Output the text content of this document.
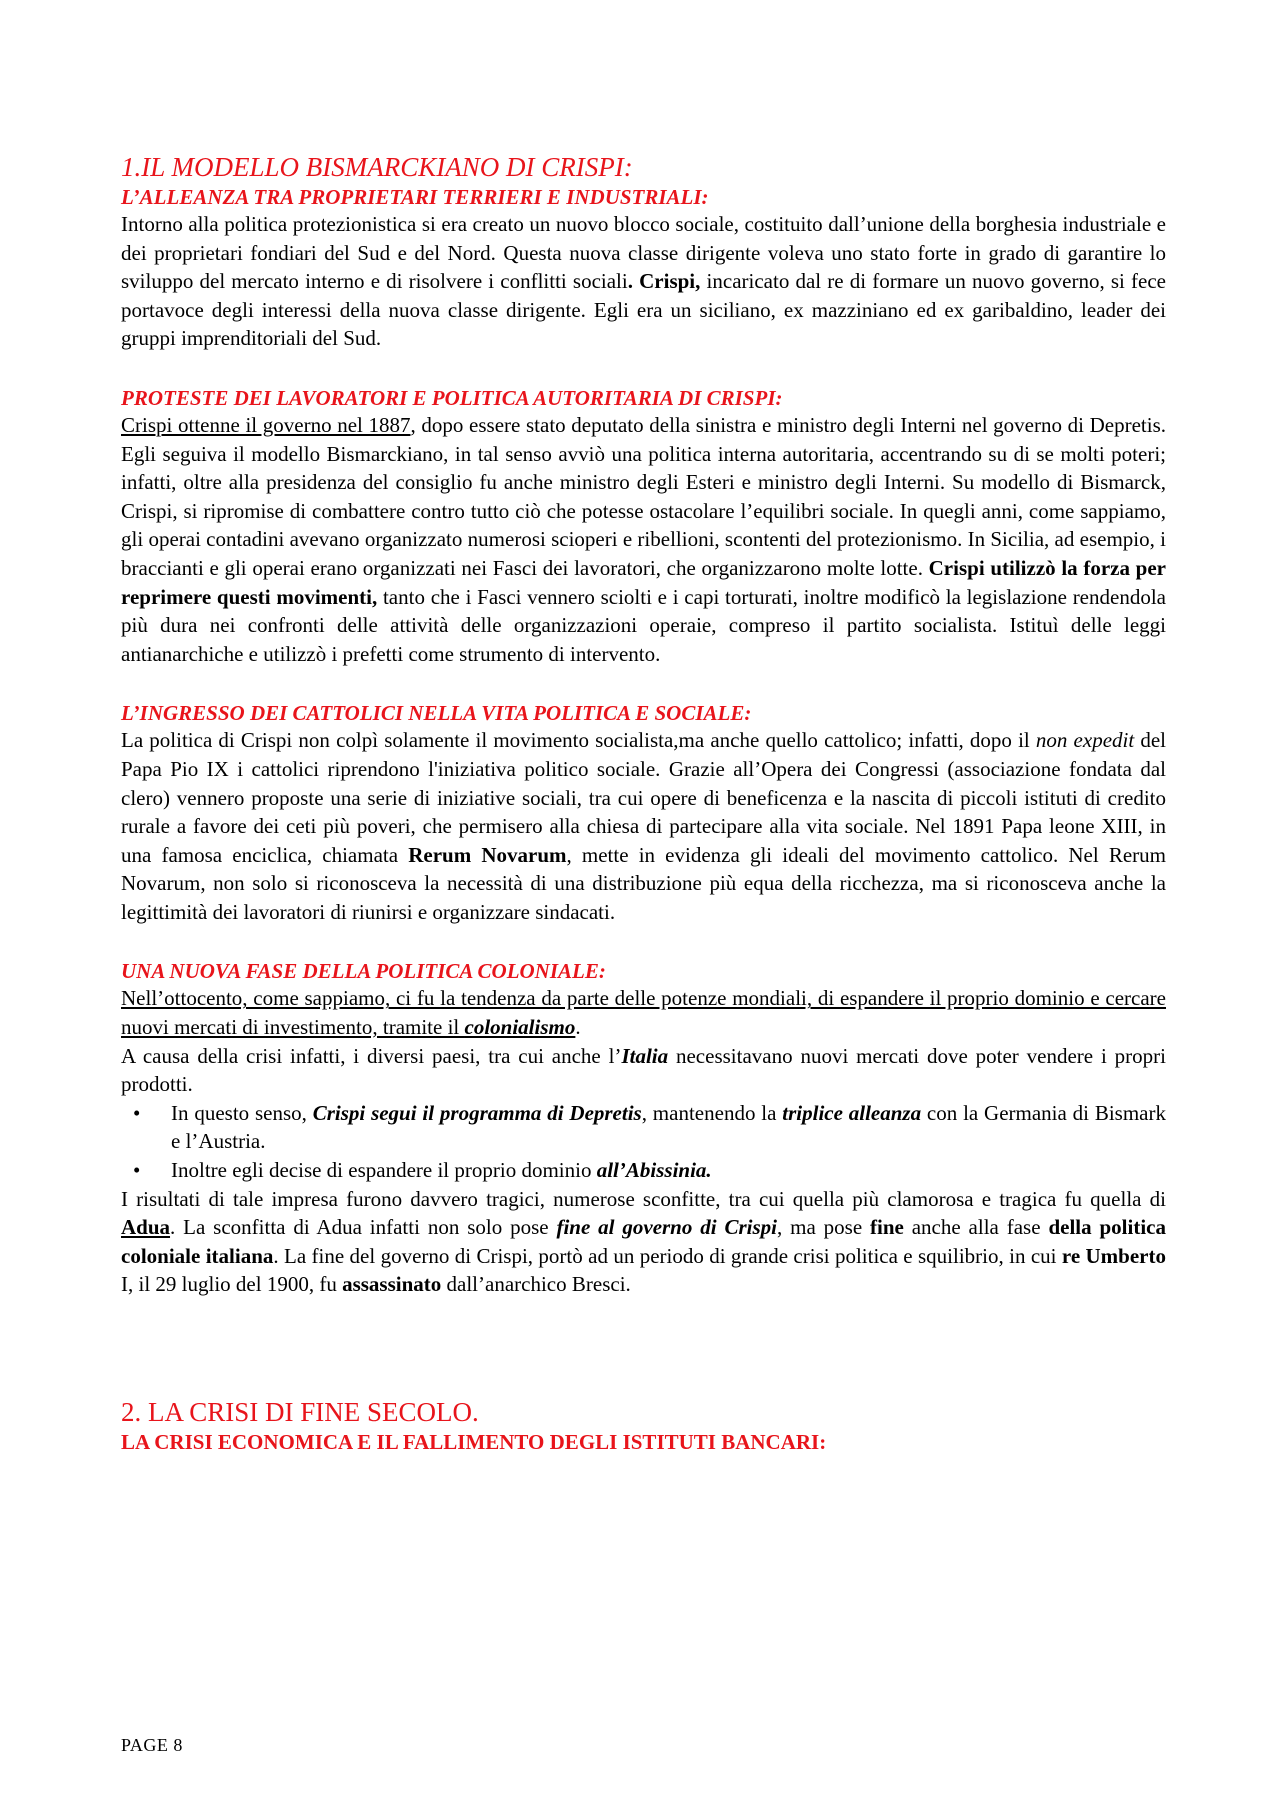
1.IL MODELLO BISMARCKIANO DI CRISPI:
L’ALLEANZA TRA PROPRIETARI TERRIERI E INDUSTRIALI:

Intorno alla politica protezionistica si era creato un nuovo blocco sociale, costituito dall’unione della borghesia industriale e dei proprietari fondiari del Sud e del Nord. Questa nuova classe dirigente voleva uno stato forte in grado di garantire lo sviluppo del mercato interno e di risolvere i conflitti sociali. Crispi, incaricato dal re di formare un nuovo governo, si fece portavoce degli interessi della nuova classe dirigente. Egli era un siciliano, ex mazziniano ed ex garibaldino, leader dei gruppi imprenditoriali del Sud.

PROTESTE DEI LAVORATORI E POLITICA AUTORITARIA DI CRISPI:

Crispi ottenne il governo nel 1887, dopo essere stato deputato della sinistra e ministro degli Interni nel governo di Depretis. Egli seguiva il modello Bismarckiano, in tal senso avviò una politica interna autoritaria, accentrando su di se molti poteri; infatti, oltre alla presidenza del consiglio fu anche ministro degli Esteri e ministro degli Interni. Su modello di Bismarck, Crispi, si ripromise di combattere contro tutto ciò che potesse ostacolare l’equilibri sociale. In quegli anni, come sappiamo, gli operai contadini avevano organizzato numerosi scioperi e ribellioni, scontenti del protezionismo. In Sicilia, ad esempio, i braccianti e gli operai erano organizzati nei Fasci dei lavoratori, che organizzarono molte lotte. Crispi utilizzò la forza per reprimere questi movimenti, tanto che i Fasci vennero sciolti e i capi torturati, inoltre modificò la legislazione rendendola più dura nei confronti delle attività delle organizzazioni operaie, compreso il partito socialista. Istituì delle leggi antianarchiche e utilizzò i prefetti come strumento di intervento.

L’INGRESSO DEI CATTOLICI NELLA VITA POLITICA E SOCIALE:

La politica di Crispi non colpì solamente il movimento socialista,ma anche quello cattolico; infatti, dopo il non expedit del Papa Pio IX i cattolici riprendono l'iniziativa politico sociale. Grazie all’Opera dei Congressi (associazione fondata dal clero) vennero proposte una serie di iniziative sociali, tra cui opere di beneficenza e la nascita di piccoli istituti di credito rurale a favore dei ceti più poveri, che permisero alla chiesa di partecipare alla vita sociale. Nel 1891 Papa leone XIII, in una famosa enciclica, chiamata Rerum Novarum, mette in evidenza gli ideali del movimento cattolico. Nel Rerum Novarum, non solo si riconosceva la necessità di una distribuzione più equa della ricchezza, ma si riconosceva anche la legittimità dei lavoratori di riunirsi e organizzare sindacati.

UNA NUOVA FASE DELLA POLITICA COLONIALE:

Nell’ottocento, come sappiamo, ci fu la tendenza da parte delle potenze mondiali, di espandere il proprio dominio e cercare nuovi mercati di investimento, tramite il colonialismo.

A causa della crisi infatti, i diversi paesi, tra cui anche l’Italia necessitavano nuovi mercati dove poter vendere i propri prodotti.

• In questo senso, Crispi segui il programma di Depretis, mantenendo la triplice alleanza con la Germania di Bismark e l’Austria.
• Inoltre egli decise di espandere il proprio dominio all’Abissinia.

I risultati di tale impresa furono davvero tragici, numerose sconfitte, tra cui quella più clamorosa e tragica fu quella di Adua. La sconfitta di Adua infatti non solo pose fine al governo di Crispi, ma pose fine anche alla fase della politica coloniale italiana. La fine del governo di Crispi, portò ad un periodo di grande crisi politica e squilibrio, in cui re Umberto I, il 29 luglio del 1900, fu assassinato dall’anarchico Bresci.

2. LA CRISI DI FINE SECOLO.
LA CRISI ECONOMICA E IL FALLIMENTO DEGLI ISTITUTI BANCARI:
PAGE 8
